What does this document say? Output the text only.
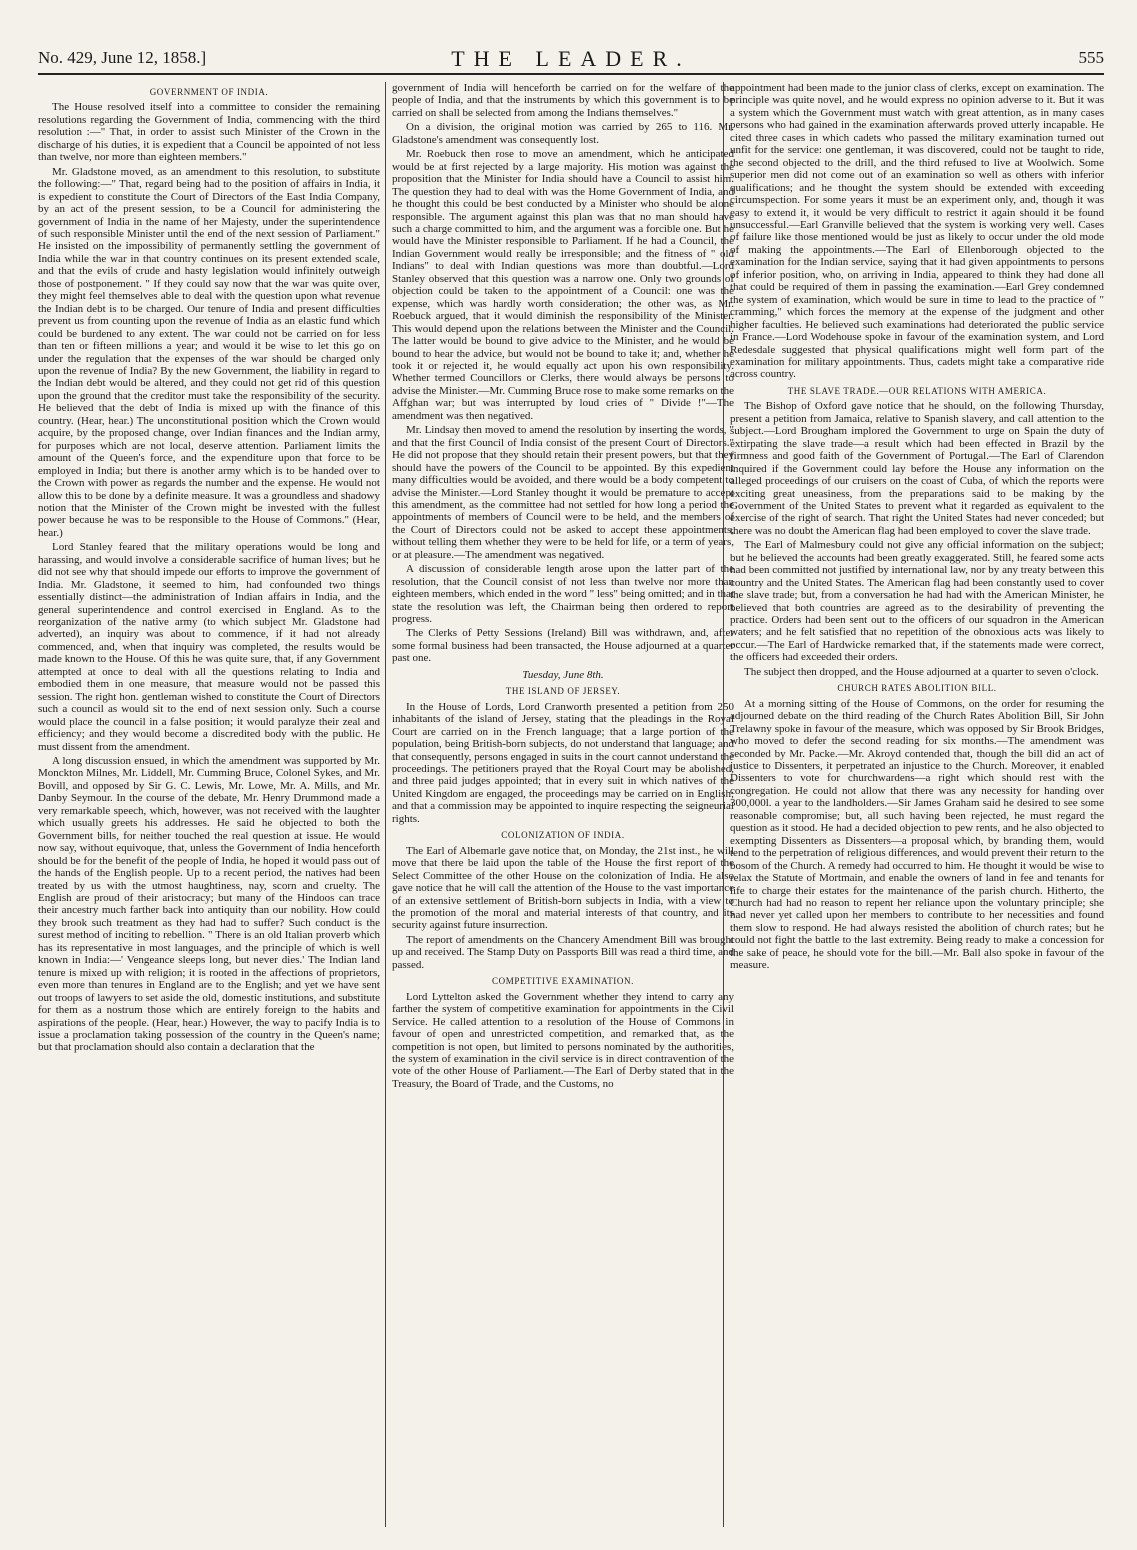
No. 429, June 12, 1858.]	THE LEADER.	555
GOVERNMENT OF INDIA.

The House resolved itself into a committee to consider the remaining resolutions regarding the Government of India, commencing with the third resolution :—" That, in order to assist such Minister of the Crown in the discharge of his duties, it is expedient that a Council be appointed of not less than twelve, nor more than eighteen members."

Mr. Gladstone moved, as an amendment to this resolution, to substitute the following:—" That, regard being had to the position of affairs in India, it is expedient to constitute the Court of Directors of the East India Company, by an act of the present session, to be a Council for administering the government of India in the name of her Majesty, under the superintendence of such responsible Minister until the end of the next session of Parliament." He insisted on the impossibility of permanently settling the government of India while the war in that country continues on its present extended scale, and that the evils of crude and hasty legislation would infinitely outweigh those of postponement. " If they could say now that the war was quite over, they might feel themselves able to deal with the question upon what revenue the Indian debt is to be charged. Our tenure of India and present difficulties prevent us from counting upon the revenue of India as an elastic fund which could be burdened to any extent. The war could not be carried on for less than ten or fifteen millions a year; and would it be wise to let this go on under the regulation that the expenses of the war should be charged only upon the revenue of India? By the new Government, the liability in regard to the Indian debt would be altered, and they could not get rid of this question upon the ground that the creditor must take the responsibility of the security. He believed that the debt of India is mixed up with the finance of this country. (Hear, hear.) The unconstitutional position which the Crown would acquire, by the proposed change, over Indian finances and the Indian army, for purposes which are not local, deserve attention. Parliament limits the amount of the Queen's force, and the expenditure upon that force to be employed in India; but there is another army which is to be handed over to the Crown with power as regards the number and the expense. He would not allow this to be done by a definite measure. It was a groundless and shadowy notion that the Minister of the Crown might be invested with the fullest power because he was to be responsible to the House of Commons." (Hear, hear.)

Lord Stanley feared that the military operations would be long and harassing, and would involve a considerable sacrifice of human lives; but he did not see why that should impede our efforts to improve the government of India. Mr. Gladstone, it seemed to him, had confounded two things essentially distinct—the administration of Indian affairs in India, and the general superintendence and control exercised in England. As to the reorganization of the native army (to which subject Mr. Gladstone had adverted), an inquiry was about to commence, if it had not already commenced, and, when that inquiry was completed, the results would be made known to the House. Of this he was quite sure, that, if any Government attempted at once to deal with all the questions relating to India and embodied them in one measure, that measure would not be passed this session. The right hon. gentleman wished to constitute the Court of Directors such a council as would sit to the end of next session only. Such a course would place the council in a false position; it would paralyze their zeal and efficiency; and they would become a discredited body with the public. He must dissent from the amendment.

A long discussion ensued, in which the amendment was supported by Mr. Monckton Milnes, Mr. Liddell, Mr. Cumming Bruce, Colonel Sykes, and Mr. Bovill, and opposed by Sir G. C. Lewis, Mr. Lowe, Mr. A. Mills, and Mr. Danby Seymour. In the course of the debate, Mr. Henry Drummond made a very remarkable speech, which, however, was not received with the laughter which usually greets his addresses. He said he objected to both the Government bills, for neither touched the real question at issue. He would now say, without equivoque, that, unless the Government of India henceforth should be for the benefit of the people of India, he hoped it would pass out of the hands of the English people. Up to a recent period, the natives had been treated by us with the utmost haughtiness, nay, scorn and cruelty. The English are proud of their aristocracy; but many of the Hindoos can trace their ancestry much farther back into antiquity than our nobility. How could they brook such treatment as they had had to suffer? Such conduct is the surest method of inciting to rebellion. " There is an old Italian proverb which has its representative in most languages, and the principle of which is well known in India:—' Vengeance sleeps long, but never dies.' The Indian land tenure is mixed up with religion; it is rooted in the affections of proprietors, even more than tenures in England are to the English; and yet we have sent out troops of lawyers to set aside the old, domestic institutions, and substitute for them as a nostrum those which are entirely foreign to the habits and aspirations of the people. (Hear, hear.) However, the way to pacify India is to issue a proclamation taking possession of the country in the Queen's name; but that proclamation should also contain a declaration that the

government of India will henceforth be carried on for the welfare of the people of India, and that the instruments by which this government is to be carried on shall be selected from among the Indians themselves."

On a division, the original motion was carried by 265 to 116. Mr. Gladstone's amendment was consequently lost.

Mr. Roebuck then rose to move an amendment, which he anticipated would be at first rejected by a large majority. His motion was against the proposition that the Minister for India should have a Council to assist him. The question they had to deal with was the Home Government of India, and he thought this could be best conducted by a Minister who should be alone responsible. The argument against this plan was that no man should have such a charge committed to him, and the argument was a forcible one. But he would have the Minister responsible to Parliament. If he had a Council, the Indian Government would really be irresponsible; and the fitness of " old Indians" to deal with Indian questions was more than doubtful.—Lord Stanley observed that this question was a narrow one. Only two grounds of objection could be taken to the appointment of a Council: one was the expense, which was hardly worth consideration; the other was, as Mr. Roebuck argued, that it would diminish the responsibility of the Minister. This would depend upon the relations between the Minister and the Council. The latter would be bound to give advice to the Minister, and he would be bound to hear the advice, but would not be bound to take it; and, whether he took it or rejected it, he would equally act upon his own responsibility. Whether termed Councillors or Clerks, there would always be persons to advise the Minister.—Mr. Cumming Bruce rose to make some remarks on the Affghan war; but was interrupted by loud cries of " Divide !"—The amendment was then negatived.

Mr. Lindsay then moved to amend the resolution by inserting the words, " and that the first Council of India consist of the present Court of Directors." He did not propose that they should retain their present powers, but that they should have the powers of the Council to be appointed. By this expedient many difficulties would be avoided, and there would be a body competent to advise the Minister.—Lord Stanley thought it would be premature to accept this amendment, as the committee had not settled for how long a period the appointments of members of Council were to be held, and the members of the Court of Directors could not be asked to accept these appointments, without telling them whether they were to be held for life, or a term of years, or at pleasure.—The amendment was negatived.

A discussion of considerable length arose upon the latter part of the resolution, that the Council consist of not less than twelve nor more than eighteen members, which ended in the word " less" being omitted; and in that state the resolution was left, the Chairman being then ordered to report progress.

The Clerks of Petty Sessions (Ireland) Bill was withdrawn, and, after some formal business had been transacted, the House adjourned at a quarter past one.

Tuesday, June 8th.
THE ISLAND OF JERSEY.

In the House of Lords, Lord Cranworth presented a petition from 250 inhabitants of the island of Jersey, stating that the pleadings in the Royal Court are carried on in the French language; that a large portion of the population, being British-born subjects, do not understand that language; and that consequently, persons engaged in suits in the court cannot understand the proceedings. The petitioners prayed that the Royal Court may be abolished, and three paid judges appointed; that in every suit in which natives of the United Kingdom are engaged, the proceedings may be carried on in English; and that a commission may be appointed to inquire respecting the seigneurial rights.

COLONIZATION OF INDIA.

The Earl of Albemarle gave notice that, on Monday, the 21st inst., he will move that there be laid upon the table of the House the first report of the Select Committee of the other House on the colonization of India. He also gave notice that he will call the attention of the House to the vast importance of an extensive settlement of British-born subjects in India, with a view to the promotion of the moral and material interests of that country, and its security against future insurrection.

The report of amendments on the Chancery Amendment Bill was brought up and received. The Stamp Duty on Passports Bill was read a third time, and passed.

COMPETITIVE EXAMINATION.

Lord Lyttelton asked the Government whether they intend to carry any farther the system of competitive examination for appointments in the Civil Service. He called attention to a resolution of the House of Commons in favour of open and unrestricted competition, and remarked that, as the competition is not open, but limited to persons nominated by the authorities, the system of examination in the civil service is in direct contravention of the vote of the other House of Parliament.—The Earl of Derby stated that in the Treasury, the Board of Trade, and the Customs, no

appointment had been made to the junior class of clerks, except on examination. The principle was quite novel, and he would express no opinion adverse to it. But it was a system which the Government must watch with great attention, as in many cases persons who had gained in the examination afterwards proved utterly incapable. He cited three cases in which cadets who passed the military examination turned out unfit for the service: one gentleman, it was discovered, could not be taught to ride, the second objected to the drill, and the third refused to live at Woolwich. Some superior men did not come out of an examination so well as others with inferior qualifications; and he thought the system should be extended with exceeding circumspection. For some years it must be an experiment only, and, though it was easy to extend it, it would be very difficult to restrict it again should it be found unsuccessful.—Earl Granville believed that the system is working very well. Cases of failure like those mentioned would be just as likely to occur under the old mode of making the appointments.—The Earl of Ellenborough objected to the examination for the Indian service, saying that it had given appointments to persons of inferior position, who, on arriving in India, appeared to think they had done all that could be required of them in passing the examination.—Earl Grey condemned the system of examination, which would be sure in time to lead to the practice of " cramming," which forces the memory at the expense of the judgment and other higher faculties. He believed such examinations had deteriorated the public service in France.—Lord Wodehouse spoke in favour of the examination system, and Lord Redesdale suggested that physical qualifications might well form part of the examination for military appointments. Thus, cadets might take a comparative ride across country.

THE SLAVE TRADE.—OUR RELATIONS WITH AMERICA.

The Bishop of Oxford gave notice that he should, on the following Thursday, present a petition from Jamaica, relative to Spanish slavery, and call attention to the subject.—Lord Brougham implored the Government to urge on Spain the duty of extirpating the slave trade—a result which had been effected in Brazil by the firmness and good faith of the Government of Portugal.—The Earl of Clarendon inquired if the Government could lay before the House any information on the alleged proceedings of our cruisers on the coast of Cuba, of which the reports were exciting great uneasiness, from the preparations said to be making by the Government of the United States to prevent what it regarded as equivalent to the exercise of the right of search. That right the United States had never conceded; but there was no doubt the American flag had been employed to cover the slave trade.

The Earl of Malmesbury could not give any official information on the subject; but he believed the accounts had been greatly exaggerated. Still, he feared some acts had been committed not justified by international law, nor by any treaty between this country and the United States. The American flag had been constantly used to cover the slave trade; but, from a conversation he had had with the American Minister, he believed that both countries are agreed as to the desirability of preventing the practice. Orders had been sent out to the officers of our squadron in the American waters; and he felt satisfied that no repetition of the obnoxious acts was likely to occur.—The Earl of Hardwicke remarked that, if the statements made were correct, the officers had exceeded their orders.

The subject then dropped, and the House adjourned at a quarter to seven o'clock.

CHURCH RATES ABOLITION BILL.

At a morning sitting of the House of Commons, on the order for resuming the adjourned debate on the third reading of the Church Rates Abolition Bill, Sir John Trelawny spoke in favour of the measure, which was opposed by Sir Brook Bridges, who moved to defer the second reading for six months.—The amendment was seconded by Mr. Packe.—Mr. Akroyd contended that, though the bill did an act of justice to Dissenters, it perpetrated an injustice to the Church. Moreover, it enabled Dissenters to vote for churchwardens—a right which should rest with the congregation. He could not allow that there was any necessity for handing over 300,000l. a year to the landholders.—Sir James Graham said he desired to see some reasonable compromise; but, all such having been rejected, he must regard the question as it stood. He had a decided objection to pew rents, and he also objected to exempting Dissenters as Dissenters—a proposal which, by branding them, would tend to the perpetration of religious differences, and would prevent their return to the bosom of the Church. A remedy had occurred to him. He thought it would be wise to relax the Statute of Mortmain, and enable the owners of land in fee and tenants for life to charge their estates for the maintenance of the parish church. Hitherto, the Church had had no reason to repent her reliance upon the voluntary principle; she had never yet called upon her members to contribute to her necessities and found them slow to respond. He had always resisted the abolition of church rates; but he could not fight the battle to the last extremity. Being ready to make a concession for the sake of peace, he should vote for the bill.—Mr. Ball also spoke in favour of the measure.
